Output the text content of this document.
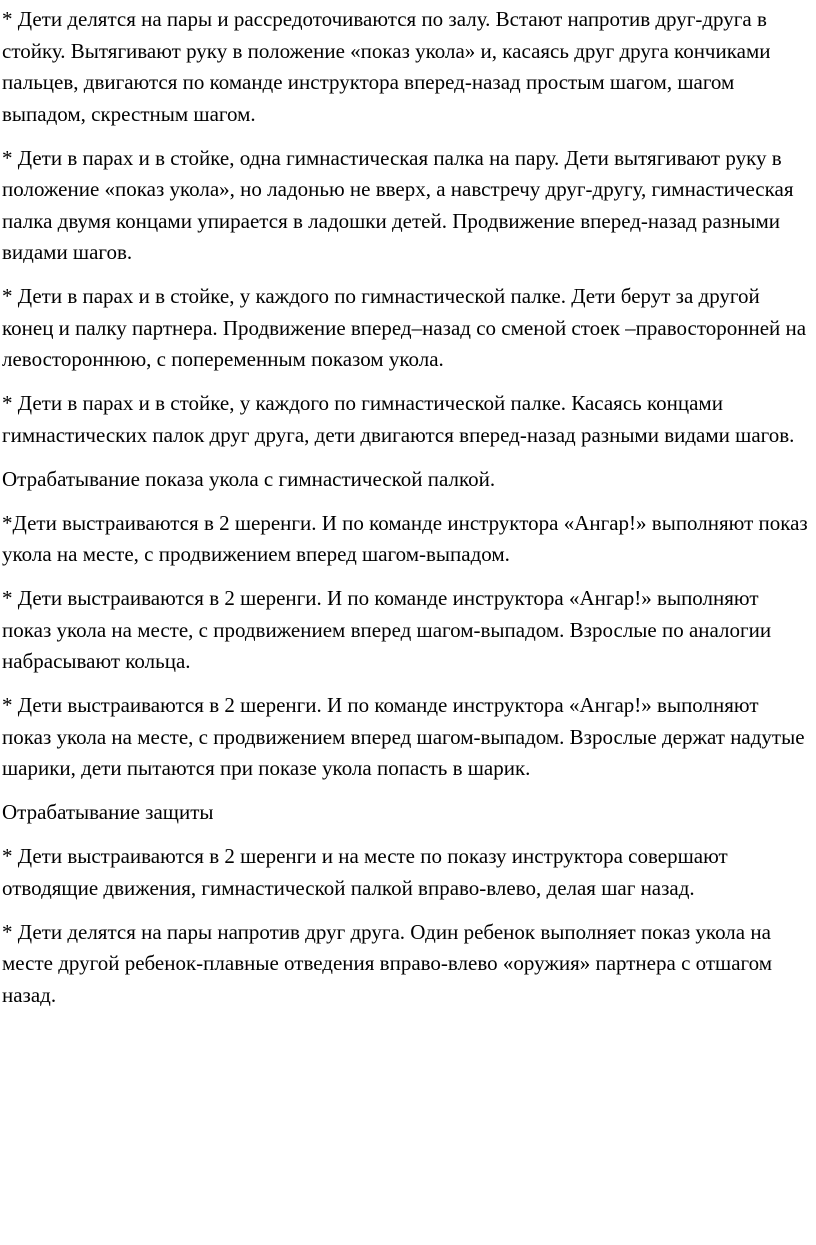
* Дети делятся на пары и рассредоточиваются по залу. Встают напротив друг-друга в стойку. Вытягивают руку в положение «показ укола» и, касаясь друг друга кончиками пальцев, двигаются по команде инструктора вперед-назад простым шагом, шагом выпадом, скрестным шагом.

* Дети в парах и в стойке, одна гимнастическая палка на пару. Дети вытягивают руку в положение «показ укола», но ладонью не вверх, а навстречу друг-другу, гимнастическая палка двумя концами упирается в ладошки детей. Продвижение вперед-назад разными видами шагов.

* Дети в парах и в стойке, у каждого по гимнастической палке. Дети берут за другой конец и палку партнера. Продвижение вперед–назад со сменой стоек –правосторонней на левостороннюю, с попеременным показом укола.

* Дети в парах и в стойке, у каждого по гимнастической палке. Касаясь концами гимнастических палок друг друга, дети двигаются вперед-назад разными видами шагов.

Отрабатывание показа укола с гимнастической палкой.

*Дети выстраиваются в 2 шеренги. И по команде инструктора «Ангар!» выполняют показ укола на месте, с продвижением вперед шагом-выпадом.

* Дети выстраиваются в 2 шеренги. И по команде инструктора «Ангар!» выполняют показ укола на месте, с продвижением вперед шагом-выпадом. Взрослые по аналогии набрасывают кольца.

* Дети выстраиваются в 2 шеренги. И по команде инструктора «Ангар!» выполняют показ укола на месте, с продвижением вперед шагом-выпадом. Взрослые держат надутые шарики, дети пытаются при показе укола попасть в шарик.

Отрабатывание защиты

* Дети выстраиваются в 2 шеренги и на месте по показу инструктора совершают отводящие движения, гимнастической палкой вправо-влево, делая шаг назад.

* Дети делятся на пары напротив друг друга. Один ребенок выполняет показ укола на месте другой ребенок-плавные отведения вправо-влево «оружия» партнера с отшагом назад.
